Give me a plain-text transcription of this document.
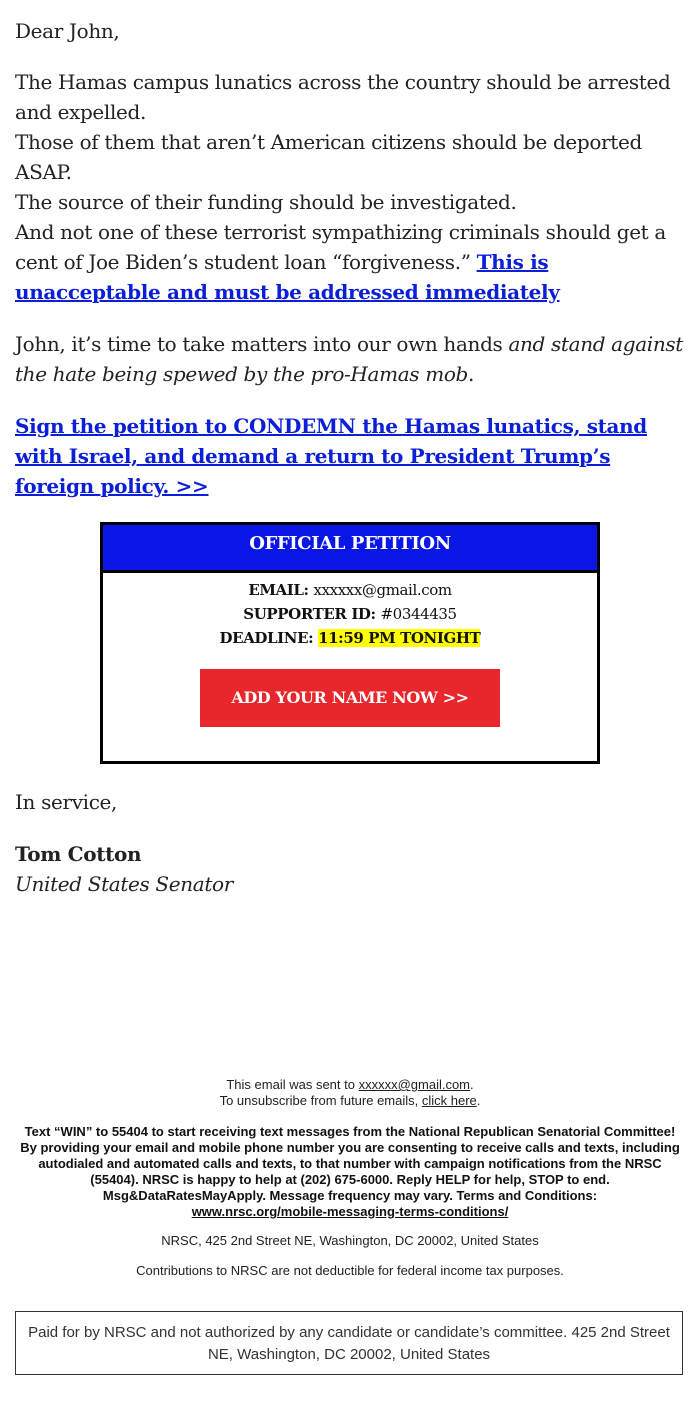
Dear John,

The Hamas campus lunatics across the country should be arrested and expelled.
Those of them that aren’t American citizens should be deported ASAP.
The source of their funding should be investigated.
And not one of these terrorist sympathizing criminals should get a cent of Joe Biden’s student loan “forgiveness.” This is unacceptable and must be addressed immediately

John, it’s time to take matters into our own hands and stand against the hate being spewed by the pro-Hamas mob.

Sign the petition to CONDEMN the Hamas lunatics, stand with Israel, and demand a return to President Trump’s foreign policy. >>

OFFICIAL PETITION
EMAIL: xxxxxx@gmail.com
SUPPORTER ID: #0344435
DEADLINE: 11:59 PM TONIGHT
ADD YOUR NAME NOW >>

In service,

Tom Cotton

United States Senator

This email was sent to xxxxxx@gmail.com.
To unsubscribe from future emails, click here.
Text “WIN” to 55404 to start receiving text messages from the National Republican Senatorial Committee! By providing your email and mobile phone number you are consenting to receive calls and texts, including autodialed and automated calls and texts, to that number with campaign notifications from the NRSC (55404). NRSC is happy to help at (202) 675-6000. Reply HELP for help, STOP to end. Msg&DataRatesMayApply. Message frequency may vary. Terms and Conditions:
www.nrsc.org/mobile-messaging-terms-conditions/
NRSC, 425 2nd Street NE, Washington, DC 20002, United States
Contributions to NRSC are not deductible for federal income tax purposes.
Paid for by NRSC and not authorized by any candidate or candidate’s committee. 425 2nd Street NE, Washington, DC 20002, United States
